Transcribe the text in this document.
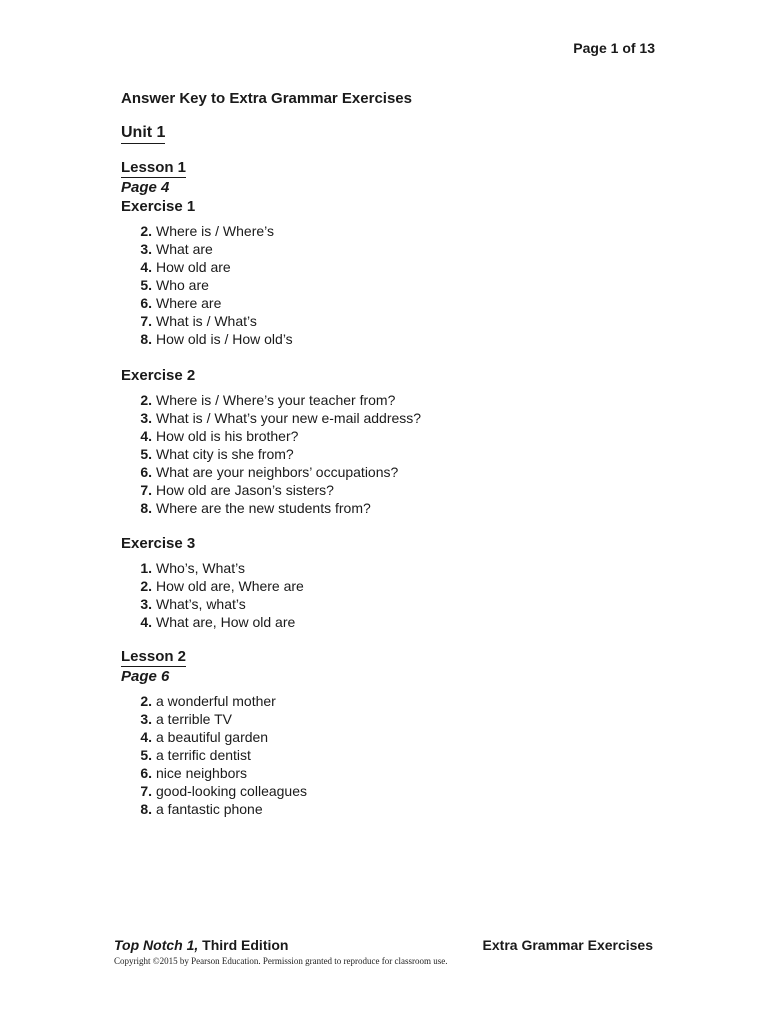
Page 1 of 13
Answer Key to Extra Grammar Exercises
Unit 1
Lesson 1
Page 4
Exercise 1
2. Where is / Where’s
3. What are
4. How old are
5. Who are
6. Where are
7. What is / What’s
8. How old is / How old’s
Exercise 2
2. Where is / Where’s your teacher from?
3. What is / What’s your new e-mail address?
4. How old is his brother?
5. What city is she from?
6. What are your neighbors’ occupations?
7. How old are Jason’s sisters?
8. Where are the new students from?
Exercise 3
1. Who’s, What’s
2. How old are, Where are
3. What’s, what’s
4. What are, How old are
Lesson 2
Page 6
2. a wonderful mother
3. a terrible TV
4. a beautiful garden
5. a terrific dentist
6. nice neighbors
7. good-looking colleagues
8. a fantastic phone
Top Notch 1, Third Edition	Extra Grammar Exercises
Copyright ©2015 by Pearson Education. Permission granted to reproduce for classroom use.
